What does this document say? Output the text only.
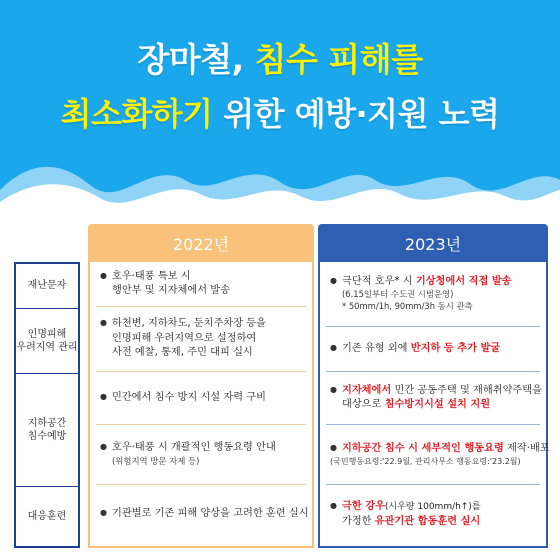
장마철, 침수 피해를
최소화하기 위한 예방·지원 노력
2022년	2023년
재난문자
인명피해
우려지역 관리
지하공간
침수예방
대응훈련
● 호우·태풍 특보 시
행안부 및 지자체에서 발송
● 하천변, 지하차도, 둔치주차장 등을
인명피해 우려지역으로 설정하여
사전 예찰, 통제, 주민 대피 실시
● 민간에서 침수 방지 시설 자력 구비
● 호우·태풍 시 개괄적인 행동요령 안내
(위험지역 방문 자제 등)
● 기관별로 기존 피해 양상을 고려한 훈련 실시
● 극단적 호우* 시 기상청에서 직접 발송
(6.15일부터 수도권 시범운영)
* 50mm/1h, 90mm/3h 동시 관측
● 기존 유형 외에 반지하 등 추가 발굴
● 지자체에서 민간 공동주택 및 재해취약주택을
대상으로 침수방지시설 설치 지원
● 지하공간 침수 시 세부적인 행동요령 제작·배포
(국민행동요령:'22.9월, 관리사무소 행동요령:'23.2월)
● 극한 강우(시우량 100mm/h↑)를
가정한 유관기관 합동훈련 실시
